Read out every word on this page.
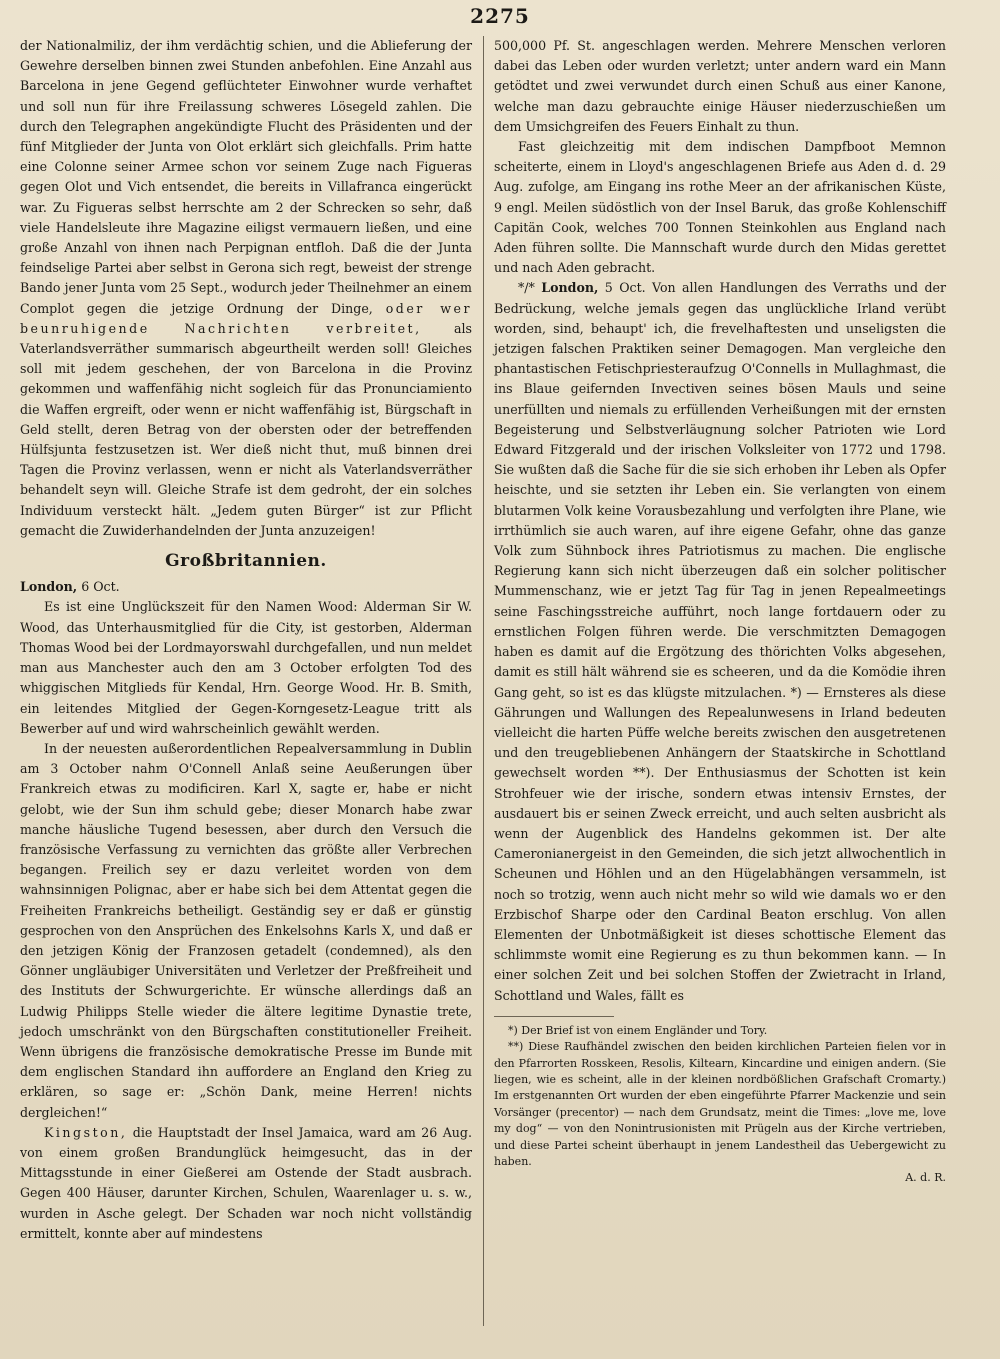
2275

der Nationalmiliz, der ihm verdächtig schien, und die Ablieferung der Gewehre derselben binnen zwei Stunden anbefohlen. Eine Anzahl aus Barcelona in jene Gegend geflüchteter Einwohner wurde verhaftet und soll nun für ihre Freilassung schweres Lösegeld zahlen. Die durch den Telegraphen angekündigte Flucht des Präsidenten und der fünf Mitglieder der Junta von Olot erklärt sich gleichfalls. Prim hatte eine Colonne seiner Armee schon vor seinem Zuge nach Figueras gegen Olot und Vich entsendet, die bereits in Villafranca eingerückt war. Zu Figueras selbst herrschte am 2 der Schrecken so sehr, daß viele Handelsleute ihre Magazine eiligst vermauern ließen, und eine große Anzahl von ihnen nach Perpignan entfloh. Daß die der Junta feindselige Partei aber selbst in Gerona sich regt, beweist der strenge Bando jener Junta vom 25 Sept., wodurch jeder Theilnehmer an einem Complot gegen die jetzige Ordnung der Dinge, oder wer beunruhigende Nachrichten verbreitet,	als Vaterlandsverräther summarisch abgeurtheilt werden soll! Gleiches soll mit jedem geschehen, der von Barcelona in die Provinz gekommen und waffenfähig nicht sogleich für das Pronunciamiento die Waffen ergreift, oder wenn er nicht waffenfähig ist, Bürgschaft in Geld stellt, deren Betrag von der obersten oder der betreffenden Hülfsjunta festzusetzen ist. Wer dieß nicht thut, muß binnen drei Tagen die Provinz verlassen, wenn er nicht als Vaterlandsverräther behandelt seyn will. Gleiche Strafe ist dem gedroht, der ein solches Individuum versteckt hält. „Jedem guten Bürger“ ist zur Pflicht gemacht die Zuwiderhandelnden der Junta anzuzeigen!

Großbritannien.

London, 6 Oct.

Es ist eine Unglückszeit für den Namen Wood: Alderman Sir W. Wood, das Unterhausmitglied für die City, ist gestorben, Alderman Thomas Wood bei der Lordmayorswahl durchgefallen, und nun meldet man aus Manchester auch den am 3 October erfolgten Tod des whiggischen Mitglieds für Kendal, Hrn. George Wood. Hr. B. Smith, ein leitendes Mitglied der Gegen-Korngesetz-League tritt als Bewerber auf und wird wahrscheinlich gewählt werden.

In der neuesten außerordentlichen Repealversammlung in Dublin am 3 October nahm O'Connell Anlaß seine Aeußerungen über Frankreich etwas zu modificiren. Karl X, sagte er, habe er nicht gelobt, wie der Sun ihm schuld gebe; dieser Monarch habe zwar manche häusliche Tugend besessen, aber durch den Versuch die französische Verfassung zu vernichten das größte aller Verbrechen begangen. Freilich sey er dazu verleitet worden von dem wahnsinnigen Polignac, aber er habe sich bei dem Attentat gegen die Freiheiten Frankreichs betheiligt. Geständig sey er daß er günstig gesprochen von den Ansprüchen des Enkelsohns Karls X, und daß er den jetzigen König der Franzosen getadelt (condemned), als den Gönner ungläubiger Universitäten und Verletzer der Preßfreiheit und des Instituts der Schwurgerichte. Er wünsche allerdings daß an Ludwig Philipps Stelle wieder die ältere legitime Dynastie trete, jedoch umschränkt von den Bürgschaften constitutioneller Freiheit. Wenn übrigens die französische demokratische Presse im Bunde mit dem englischen Standard ihn auffordere an England den Krieg zu erklären, so sage er: „Schön Dank, meine Herren! nichts dergleichen!“

Kingston, die Hauptstadt der Insel Jamaica, ward am 26 Aug. von einem großen Brandunglück heimgesucht, das in der Mittagsstunde in einer Gießerei am Ostende der Stadt ausbrach. Gegen 400 Häuser, darunter Kirchen, Schulen, Waarenlager u. s. w., wurden in Asche gelegt. Der Schaden war noch nicht vollständig ermittelt, konnte aber auf mindestens

500,000 Pf. St. angeschlagen werden. Mehrere Menschen verloren dabei das Leben oder wurden verletzt; unter andern ward ein Mann getödtet und zwei verwundet durch einen Schuß aus einer Kanone, welche man dazu gebrauchte einige Häuser niederzuschießen um dem Umsichgreifen des Feuers Einhalt zu thun.

Fast gleichzeitig mit dem indischen Dampfboot Memnon scheiterte, einem in Lloyd's angeschlagenen Briefe aus Aden d. d. 29 Aug. zufolge, am Eingang ins rothe Meer an der afrikanischen Küste, 9 engl. Meilen südöstlich von der Insel Baruk, das große Kohlenschiff Capitän Cook, welches 700 Tonnen Steinkohlen aus England nach Aden führen sollte. Die Mannschaft wurde durch den Midas gerettet und nach Aden gebracht.

*/* London, 5 Oct. Von allen Handlungen des Verraths und der Bedrückung, welche jemals gegen das unglückliche Irland verübt worden, sind, behaupt' ich, die frevelhaftesten und unseligsten die jetzigen falschen Praktiken seiner Demagogen. Man vergleiche den phantastischen Fetischpriesteraufzug O'Connells in Mullaghmast, die ins Blaue geifernden Invectiven seines bösen Mauls und seine unerfüllten und niemals zu erfüllenden Verheißungen mit der ernsten Begeisterung und Selbstverläugnung solcher Patrioten wie Lord Edward Fitzgerald und der irischen Volksleiter von 1772 und 1798. Sie wußten daß die Sache für die sie sich erhoben ihr Leben als Opfer heischte, und sie setzten ihr Leben ein. Sie verlangten von einem blutarmen Volk keine Vorausbezahlung und verfolgten ihre Plane, wie irrthümlich sie auch waren, auf ihre eigene Gefahr, ohne das ganze Volk zum Sühnbock ihres Patriotismus zu machen. Die englische Regierung kann sich nicht überzeugen daß ein solcher politischer Mummenschanz, wie er jetzt Tag für Tag in jenen Repealmeetings seine Faschingsstreiche aufführt, noch lange fortdauern oder zu ernstlichen Folgen führen werde. Die verschmitzten Demagogen haben es damit auf die Ergötzung des thörichten Volks abgesehen, damit es still hält während sie es scheeren, und da die Komödie ihren Gang geht, so ist es das klügste mitzulachen. *) — Ernsteres als diese Gährungen und Wallungen des Repealunwesens in Irland bedeuten vielleicht die harten Püffe welche bereits zwischen den ausgetretenen und den treugebliebenen Anhängern der Staatskirche in Schottland gewechselt worden **). Der Enthusiasmus der Schotten ist kein Strohfeuer wie der irische, sondern etwas intensiv Ernstes, der ausdauert bis er seinen Zweck erreicht, und auch selten ausbricht als wenn der Augenblick des Handelns gekommen ist. Der alte Cameronianergeist in den Gemeinden, die sich jetzt allwochentlich in Scheunen und Höhlen und an den Hügelabhängen versammeln, ist noch so trotzig, wenn auch nicht mehr so wild wie damals wo er den Erzbischof Sharpe oder den Cardinal Beaton erschlug. Von allen Elementen der Unbotmäßigkeit ist dieses schottische Element das schlimmste womit eine Regierung es zu thun bekommen kann. — In einer solchen Zeit und bei solchen Stoffen der Zwietracht in Irland, Schottland und Wales, fällt es

*) Der Brief ist von einem Engländer und Tory.

**) Diese Raufhändel zwischen den beiden kirchlichen Parteien fielen vor in den Pfarrorten Rosskeen, Resolis, Kiltearn, Kincardine und einigen andern. (Sie liegen, wie es scheint, alle in der kleinen nordbößlichen Grafschaft Cromarty.) Im erstgenannten Ort wurden der eben eingeführte Pfarrer Mackenzie und sein Vorsänger (precentor) — nach dem Grundsatz, meint die Times: „love me, love my dog“ — von den Nonintrusionisten mit Prügeln aus der Kirche vertrieben, und diese Partei scheint überhaupt in jenem Landestheil das Uebergewicht zu haben.

A. d. R.
